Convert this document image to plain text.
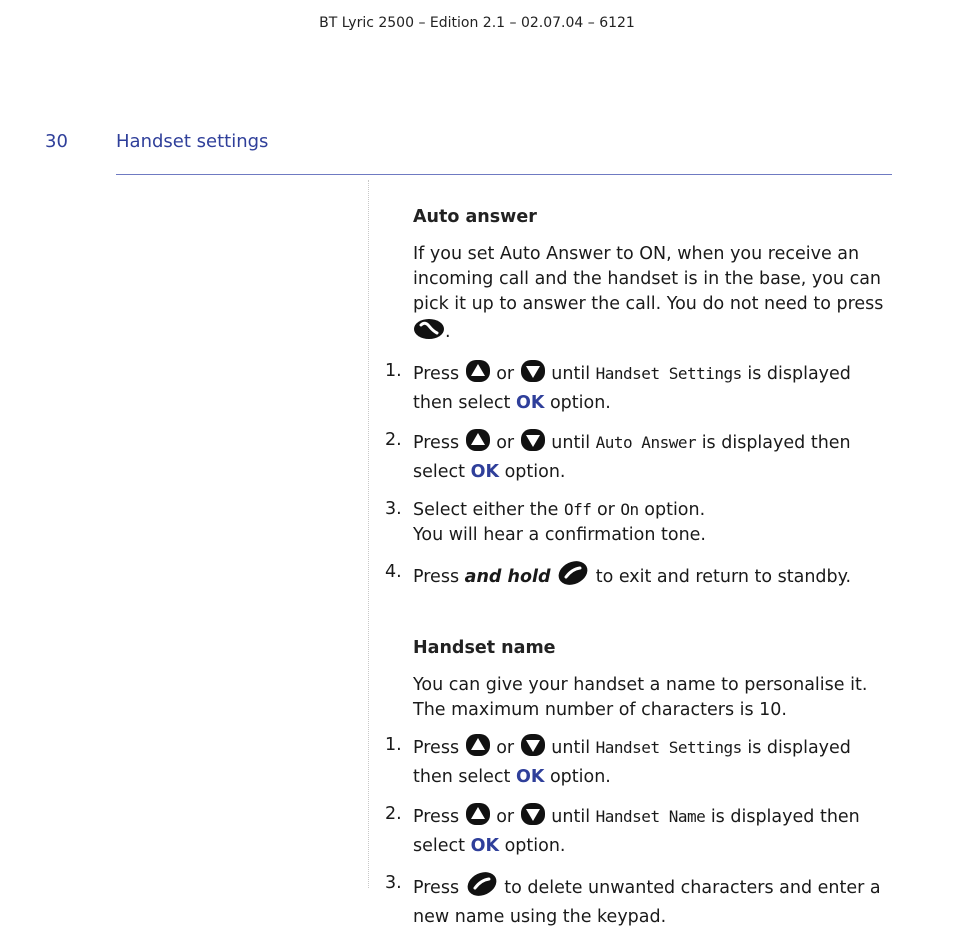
BT Lyric 2500 – Edition 2.1 – 02.07.04 – 6121
30	Handset settings
Auto answer

If you set Auto Answer to ON, when you receive an incoming call and the handset is in the base, you can pick it up to answer the call. You do not need to press .

1. Press or until Handset Settings is displayed then select OK option.
2. Press or until Auto Answer is displayed then select OK option.
3. Select either the Off or On option.
You will hear a confirmation tone.
4. Press and hold	to exit and return to standby.
Handset name

You can give your handset a name to personalise it. The maximum number of characters is 10.

1. Press or until Handset Settings is displayed then select OK option.
2. Press or until Handset Name is displayed then select OK option.
3. Press	to delete unwanted characters and enter a new name using the keypad.
